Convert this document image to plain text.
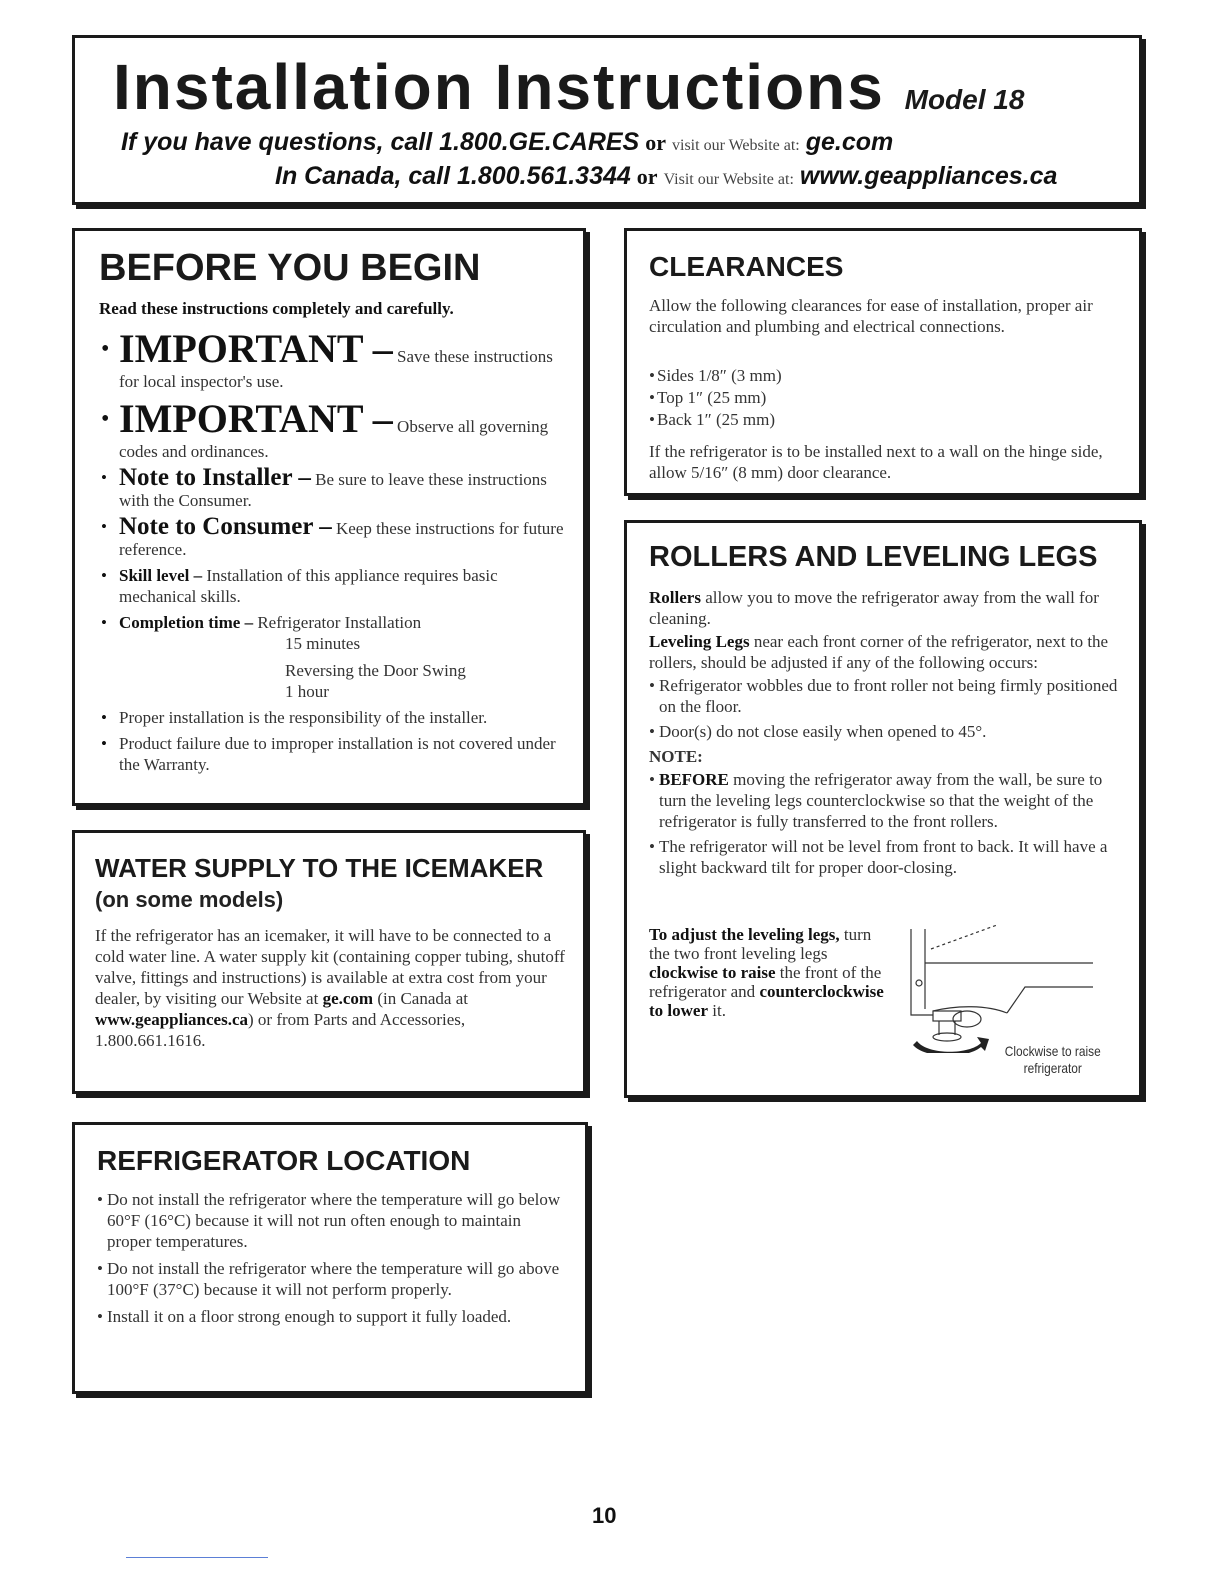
Installation Instructions Model 18
If you have questions, call 1.800.GE.CARES or visit our Website at: ge.com
In Canada, call 1.800.561.3344 or Visit our Website at: www.geappliances.ca
BEFORE YOU BEGIN
Read these instructions completely and carefully.
• IMPORTANT – Save these instructions for local inspector's use.
• IMPORTANT – Observe all governing codes and ordinances.
• Note to Installer – Be sure to leave these instructions with the Consumer.
• Note to Consumer – Keep these instructions for future reference.
• Skill level – Installation of this appliance requires basic mechanical skills.
• Completion time – Refrigerator Installation
15 minutes
Reversing the Door Swing
1 hour
• Proper installation is the responsibility of the installer.
• Product failure due to improper installation is not covered under the Warranty.
WATER SUPPLY TO THE ICEMAKER
(on some models)
If the refrigerator has an icemaker, it will have to be connected to a cold water line. A water supply kit (containing copper tubing, shutoff valve, fittings and instructions) is available at extra cost from your dealer, by visiting our Website at ge.com (in Canada at www.geappliances.ca) or from Parts and Accessories, 1.800.661.1616.
REFRIGERATOR LOCATION
• Do not install the refrigerator where the temperature will go below 60°F (16°C) because it will not run often enough to maintain proper temperatures.
• Do not install the refrigerator where the temperature will go above 100°F (37°C) because it will not perform properly.
• Install it on a floor strong enough to support it fully loaded.
CLEARANCES
Allow the following clearances for ease of installation, proper air circulation and plumbing and electrical connections.
• Sides 1/8″ (3 mm)
• Top 1″ (25 mm)
• Back 1″ (25 mm)
If the refrigerator is to be installed next to a wall on the hinge side, allow 5/16″ (8 mm) door clearance.
ROLLERS AND LEVELING LEGS

Rollers allow you to move the refrigerator away from the wall for cleaning.

Leveling Legs near each front corner of the refrigerator, next to the rollers, should be adjusted if any of the following occurs:

• Refrigerator wobbles due to front roller not being firmly positioned on the floor.

• Door(s) do not close easily when opened to 45°.

NOTE:

• BEFORE moving the refrigerator away from the wall, be sure to turn the leveling legs counterclockwise so that the weight of the refrigerator is fully transferred to the front rollers.

• The refrigerator will not be level from front to back. It will have a slight backward tilt for proper door-closing.

To adjust the leveling legs, turn the two front leveling legs clockwise to raise the front of the refrigerator and counterclockwise to lower it.
Clockwise to raise refrigerator
10
